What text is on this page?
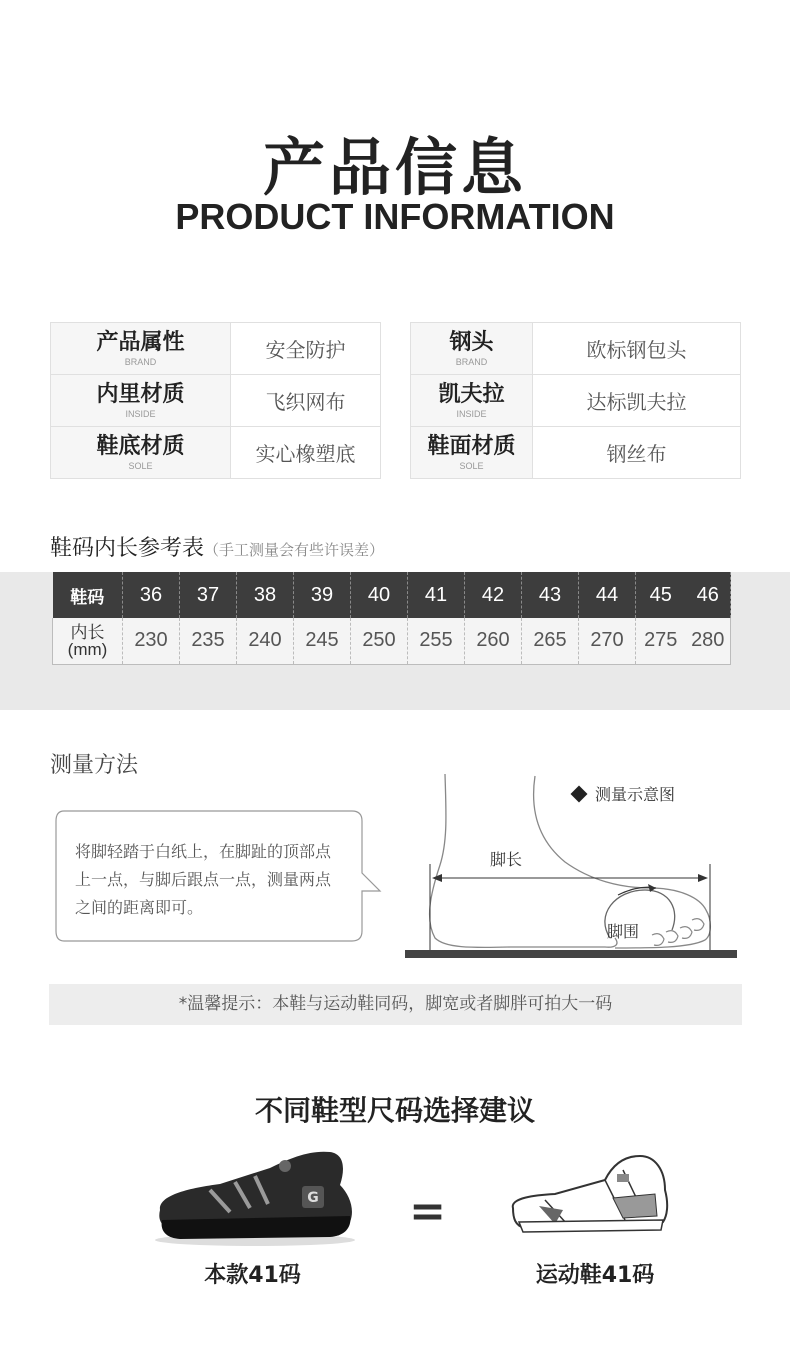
产品信息
PRODUCT INFORMATION
产品属性
BRAND	安全防护

内里材质
INSIDE	飞织网布

鞋底材质
SOLE	实心橡塑底
钢头
BRAND	欧标钢包头

凯夫拉
INSIDE	达标凯夫拉

鞋面材质
SOLE	钢丝布
鞋码内长参考表（手工测量会有些许误差）
鞋码	36	37	38	39	40	41	42	43	44	45	46

内长
(mm)	230	235	240	245	250	255	260	265	270	275	280
测量方法
将脚轻踏于白纸上，在脚趾的顶部点上一点，与脚后跟点一点，测量两点之间的距离即可。
脚长
脚围
测量示意图
*温馨提示：本鞋与运动鞋同码，脚宽或者脚胖可拍大一码
不同鞋型尺码选择建议
G =
本款41码	运动鞋41码
